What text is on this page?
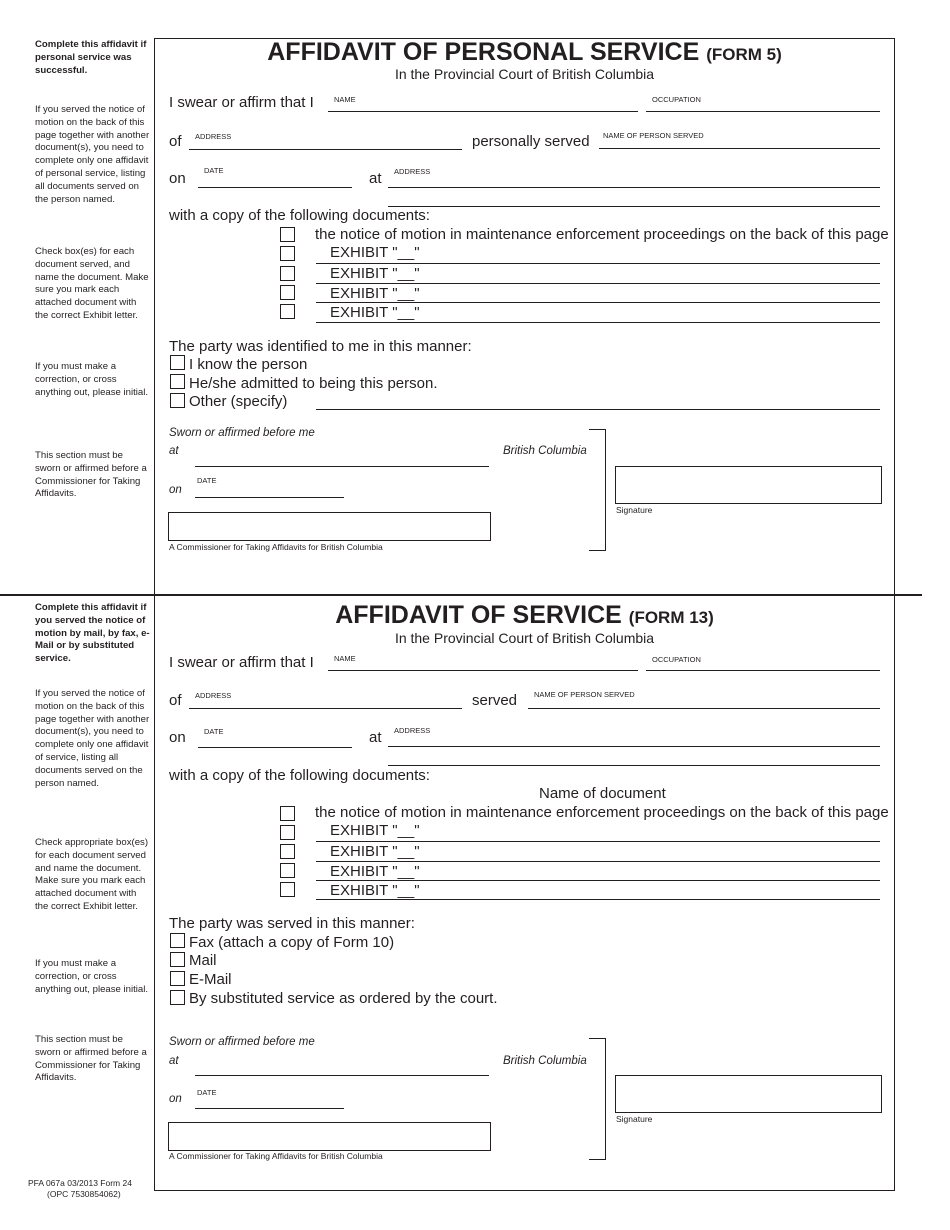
Complete this affidavit if personal service was successful.
If you served the notice of motion on the back of this page together with another document(s), you need to complete only one affidavit of personal service, listing all documents served on the person named.
Check box(es) for each document served, and name the document. Make sure you mark each attached document with the correct Exhibit letter.
If you must make a correction, or cross anything out, please initial.
This section must be sworn or affirmed before a Commissioner for Taking Affidavits.
AFFIDAVIT OF PERSONAL SERVICE (FORM 5)
In the Provincial Court of British Columbia
I swear or affirm that I	NAME	OCCUPATION
of ADDRESS	personally served NAME OF PERSON SERVED
on DATE	at ADDRESS
with a copy of the following documents:
the notice of motion in maintenance enforcement proceedings on the back of this page
EXHIBIT "__"
EXHIBIT "__"
EXHIBIT "__"
EXHIBIT "__"
The party was identified to me in this manner:
I know the person
He/she admitted to being this person.
Other (specify)
Sworn or affirmed before me
at	British Columbia
on
DATE
A Commissioner for Taking Affidavits for British Columbia
Signature
Complete this affidavit if you served the notice of motion by mail, by fax, e-Mail or by substituted service.
If you served the notice of motion on the back of this page together with another document(s), you need to complete only one affidavit of service, listing all documents served on the person named.
Check appropriate box(es) for each document served and name the document. Make sure you mark each attached document with the correct Exhibit letter.
If you must make a correction, or cross anything out, please initial.
This section must be sworn or affirmed before a Commissioner for Taking Affidavits.
AFFIDAVIT OF SERVICE (FORM 13)
In the Provincial Court of British Columbia
I swear or affirm that I	NAME	OCCUPATION
of ADDRESS	served NAME OF PERSON SERVED
on DATE	at ADDRESS
with a copy of the following documents:
Name of document
the notice of motion in maintenance enforcement proceedings on the back of this page
EXHIBIT "__"
EXHIBIT "__"
EXHIBIT "__"
EXHIBIT "__"
The party was served in this manner:
Fax (attach a copy of Form 10)
Mail
E-Mail
By substituted service as ordered by the court.
Sworn or affirmed before me
at	British Columbia
on
DATE
A Commissioner for Taking Affidavits for British Columbia
Signature
PFA 067a 03/2013 Form 24
(OPC 7530854062)
